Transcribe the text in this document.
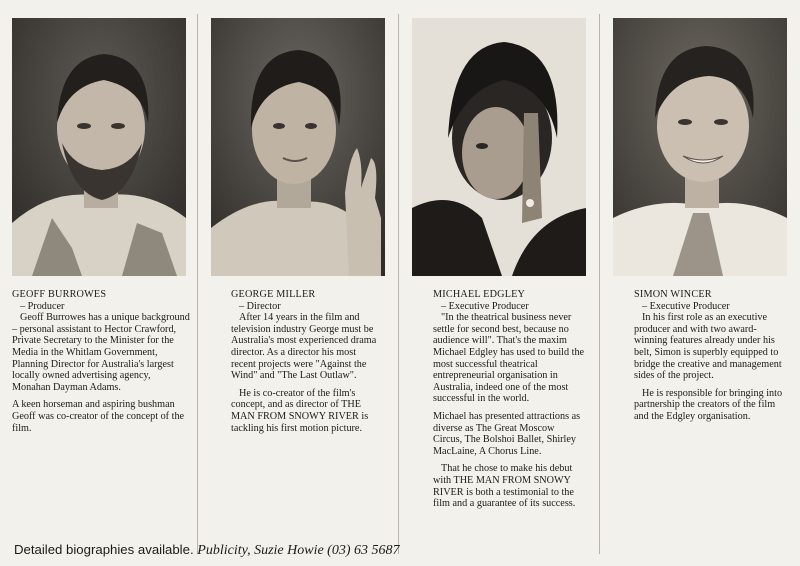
GEOFF BURROWES
– Producer

Geoff Burrowes has a unique background – personal assistant to Hector Crawford, Private Secretary to the Minister for the Media in the Whitlam Government, Planning Director for Australia's largest locally owned advertising agency, Monahan Dayman Adams.

A keen horseman and aspiring bushman Geoff was co-creator of the concept of the film.

GEORGE MILLER
– Director

After 14 years in the film and television industry George must be Australia's most experienced drama director. As a director his most recent projects were "Against the Wind" and "The Last Outlaw".

He is co-creator of the film's concept, and as director of THE MAN FROM SNOWY RIVER is tackling his first motion picture.

MICHAEL EDGLEY
– Executive Producer

"In the theatrical business never settle for second best, because no audience will". That's the maxim Michael Edgley has used to build the most successful theatrical entrepreneurial organisation in Australia, indeed one of the most successful in the world.

Michael has presented attractions as diverse as The Great Moscow Circus, The Bolshoi Ballet, Shirley MacLaine, A Chorus Line.

That he chose to make his debut with THE MAN FROM SNOWY RIVER is both a testimonial to the film and a guarantee of its success.

SIMON WINCER
– Executive Producer

In his first role as an executive producer and with two award-winning features already under his belt, Simon is superbly equipped to bridge the creative and management sides of the project.

He is responsible for bringing into partnership the creators of the film and the Edgley organisation.

Detailed biographies available. Publicity, Suzie Howie (03) 63 5687
